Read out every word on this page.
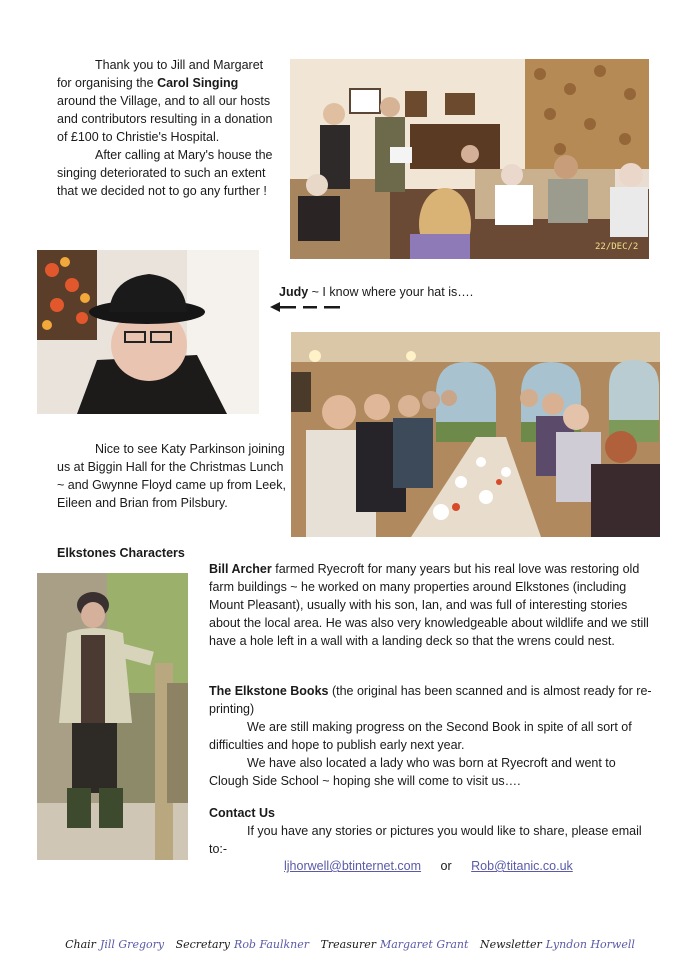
Thank you to Jill and Margaret for organising the Carol Singing around the Village, and to all our hosts and contributors resulting in a donation of £100 to Christie's Hospital.

After calling at Mary's house the singing deteriorated to such an extent that we decided not to go any further !

22/DEC/2
Judy ~ I know where your hat is….

Nice to see Katy Parkinson joining us at Biggin Hall for the Christmas Lunch ~ and Gwynne Floyd came up from Leek, Eileen and Brian from Pilsbury.

Elkstones Characters

Bill Archer farmed Ryecroft for many years but his real love was restoring old farm buildings ~ he worked on many properties around Elkstones (including Mount Pleasant), usually with his son, Ian, and was full of interesting stories about the local area. He was also very knowledgeable about wildlife and we still have a hole left in a wall with a landing deck so that the wrens could nest.

The Elkstone Books (the original has been scanned and is almost ready for re-printing)

We are still making progress on the Second Book in spite of all sort of difficulties and hope to publish early next year.

We have also located a lady who was born at Ryecroft and went to Clough Side School ~ hoping she will come to visit us….

Contact Us

If you have any stories or pictures you would like to share, please email to:-

ljhorwell@btinternet.com or Rob@titanic.co.uk
Chair Jill Gregory Secretary Rob Faulkner Treasurer Margaret Grant Newsletter Lyndon Horwell
